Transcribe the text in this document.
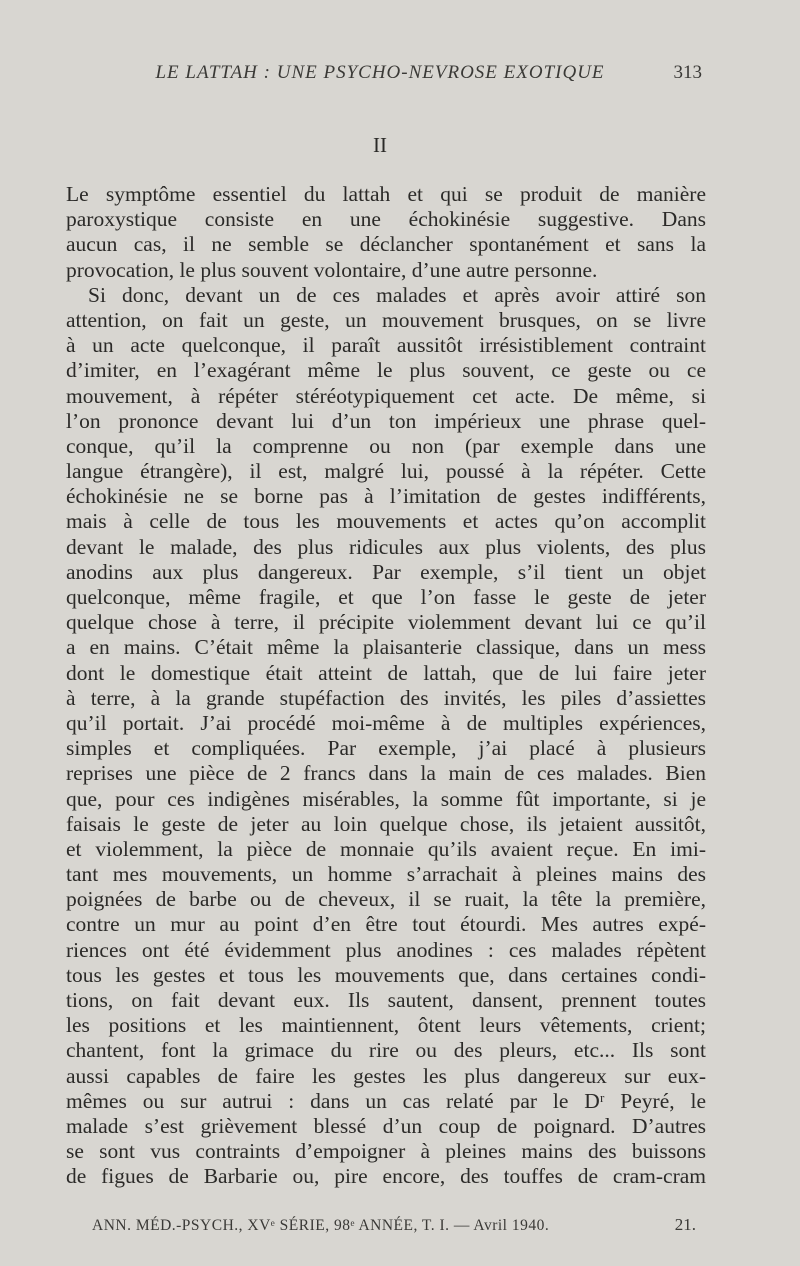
LE LATTAH : UNE PSYCHO-NEVROSE EXOTIQUE	313
II
Le symptôme essentiel du lattah et qui se produit de manière
paroxystique consiste en une échokinésie suggestive. Dans
aucun cas, il ne semble se déclancher spontanément et sans la
provocation, le plus souvent volontaire, d’une autre personne.
Si donc, devant un de ces malades et après avoir attiré son
attention, on fait un geste, un mouvement brusques, on se livre
à un acte quelconque, il paraît aussitôt irrésistiblement contraint
d’imiter, en l’exagérant même le plus souvent, ce geste ou ce
mouvement, à répéter stéréotypiquement cet acte. De même, si
l’on prononce devant lui d’un ton impérieux une phrase quel-
conque, qu’il la comprenne ou non (par exemple dans une
langue étrangère), il est, malgré lui, poussé à la répéter. Cette
échokinésie ne se borne pas à l’imitation de gestes indifférents,
mais à celle de tous les mouvements et actes qu’on accomplit
devant le malade, des plus ridicules aux plus violents, des plus
anodins aux plus dangereux. Par exemple, s’il tient un objet
quelconque, même fragile, et que l’on fasse le geste de jeter
quelque chose à terre, il précipite violemment devant lui ce qu’il
a en mains. C’était même la plaisanterie classique, dans un mess
dont le domestique était atteint de lattah, que de lui faire jeter
à terre, à la grande stupéfaction des invités, les piles d’assiettes
qu’il portait. J’ai procédé moi-même à de multiples expériences,
simples et compliquées. Par exemple, j’ai placé à plusieurs
reprises une pièce de 2 francs dans la main de ces malades. Bien
que, pour ces indigènes misérables, la somme fût importante, si je
faisais le geste de jeter au loin quelque chose, ils jetaient aussitôt,
et violemment, la pièce de monnaie qu’ils avaient reçue. En imi-
tant mes mouvements, un homme s’arrachait à pleines mains des
poignées de barbe ou de cheveux, il se ruait, la tête la première,
contre un mur au point d’en être tout étourdi. Mes autres expé-
riences ont été évidemment plus anodines : ces malades répètent
tous les gestes et tous les mouvements que, dans certaines condi-
tions, on fait devant eux. Ils sautent, dansent, prennent toutes
les positions et les maintiennent, ôtent leurs vêtements, crient;
chantent, font la grimace du rire ou des pleurs, etc... Ils sont
aussi capables de faire les gestes les plus dangereux sur eux-
mêmes ou sur autrui : dans un cas relaté par le Dʳ Peyré, le
malade s’est grièvement blessé d’un coup de poignard. D’autres
se sont vus contraints d’empoigner à pleines mains des buissons
de figues de Barbarie ou, pire encore, des touffes de cram-cram
ANN. MÉD.-PSYCH., XVᵉ SÉRIE, 98ᵉ ANNÉE, T. I. — Avril 1940.	21.
